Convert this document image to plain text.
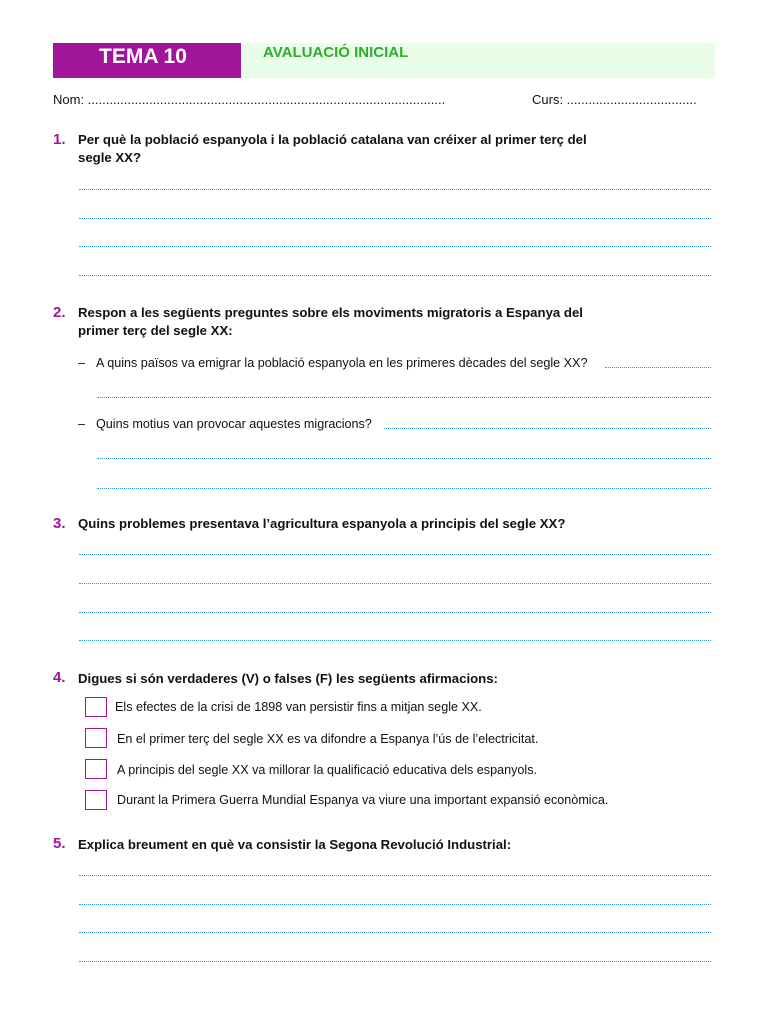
TEMA 10	AVALUACIÓ INICIAL
Nom: ...................................................................................................	Curs: ....................................
1. Per què la població espanyola i la població catalana van créixer al primer terç del
segle XX?
2. Respon a les següents preguntes sobre els moviments migratoris a Espanya del
primer terç del segle XX:
– A quins països va emigrar la població espanyola en les primeres dècades del segle XX?
– Quins motius van provocar aquestes migracions?
3. Quins problemes presentava l’agricultura espanyola a principis del segle XX?
4. Digues si són verdaderes (V) o falses (F) les següents afirmacions:
Els efectes de la crisi de 1898 van persistir fins a mitjan segle XX.
En el primer terç del segle XX es va difondre a Espanya l’ús de l’electricitat.
A principis del segle XX va millorar la qualificació educativa dels espanyols.
Durant la Primera Guerra Mundial Espanya va viure una important expansió econòmica.
5. Explica breument en què va consistir la Segona Revolució Industrial:
